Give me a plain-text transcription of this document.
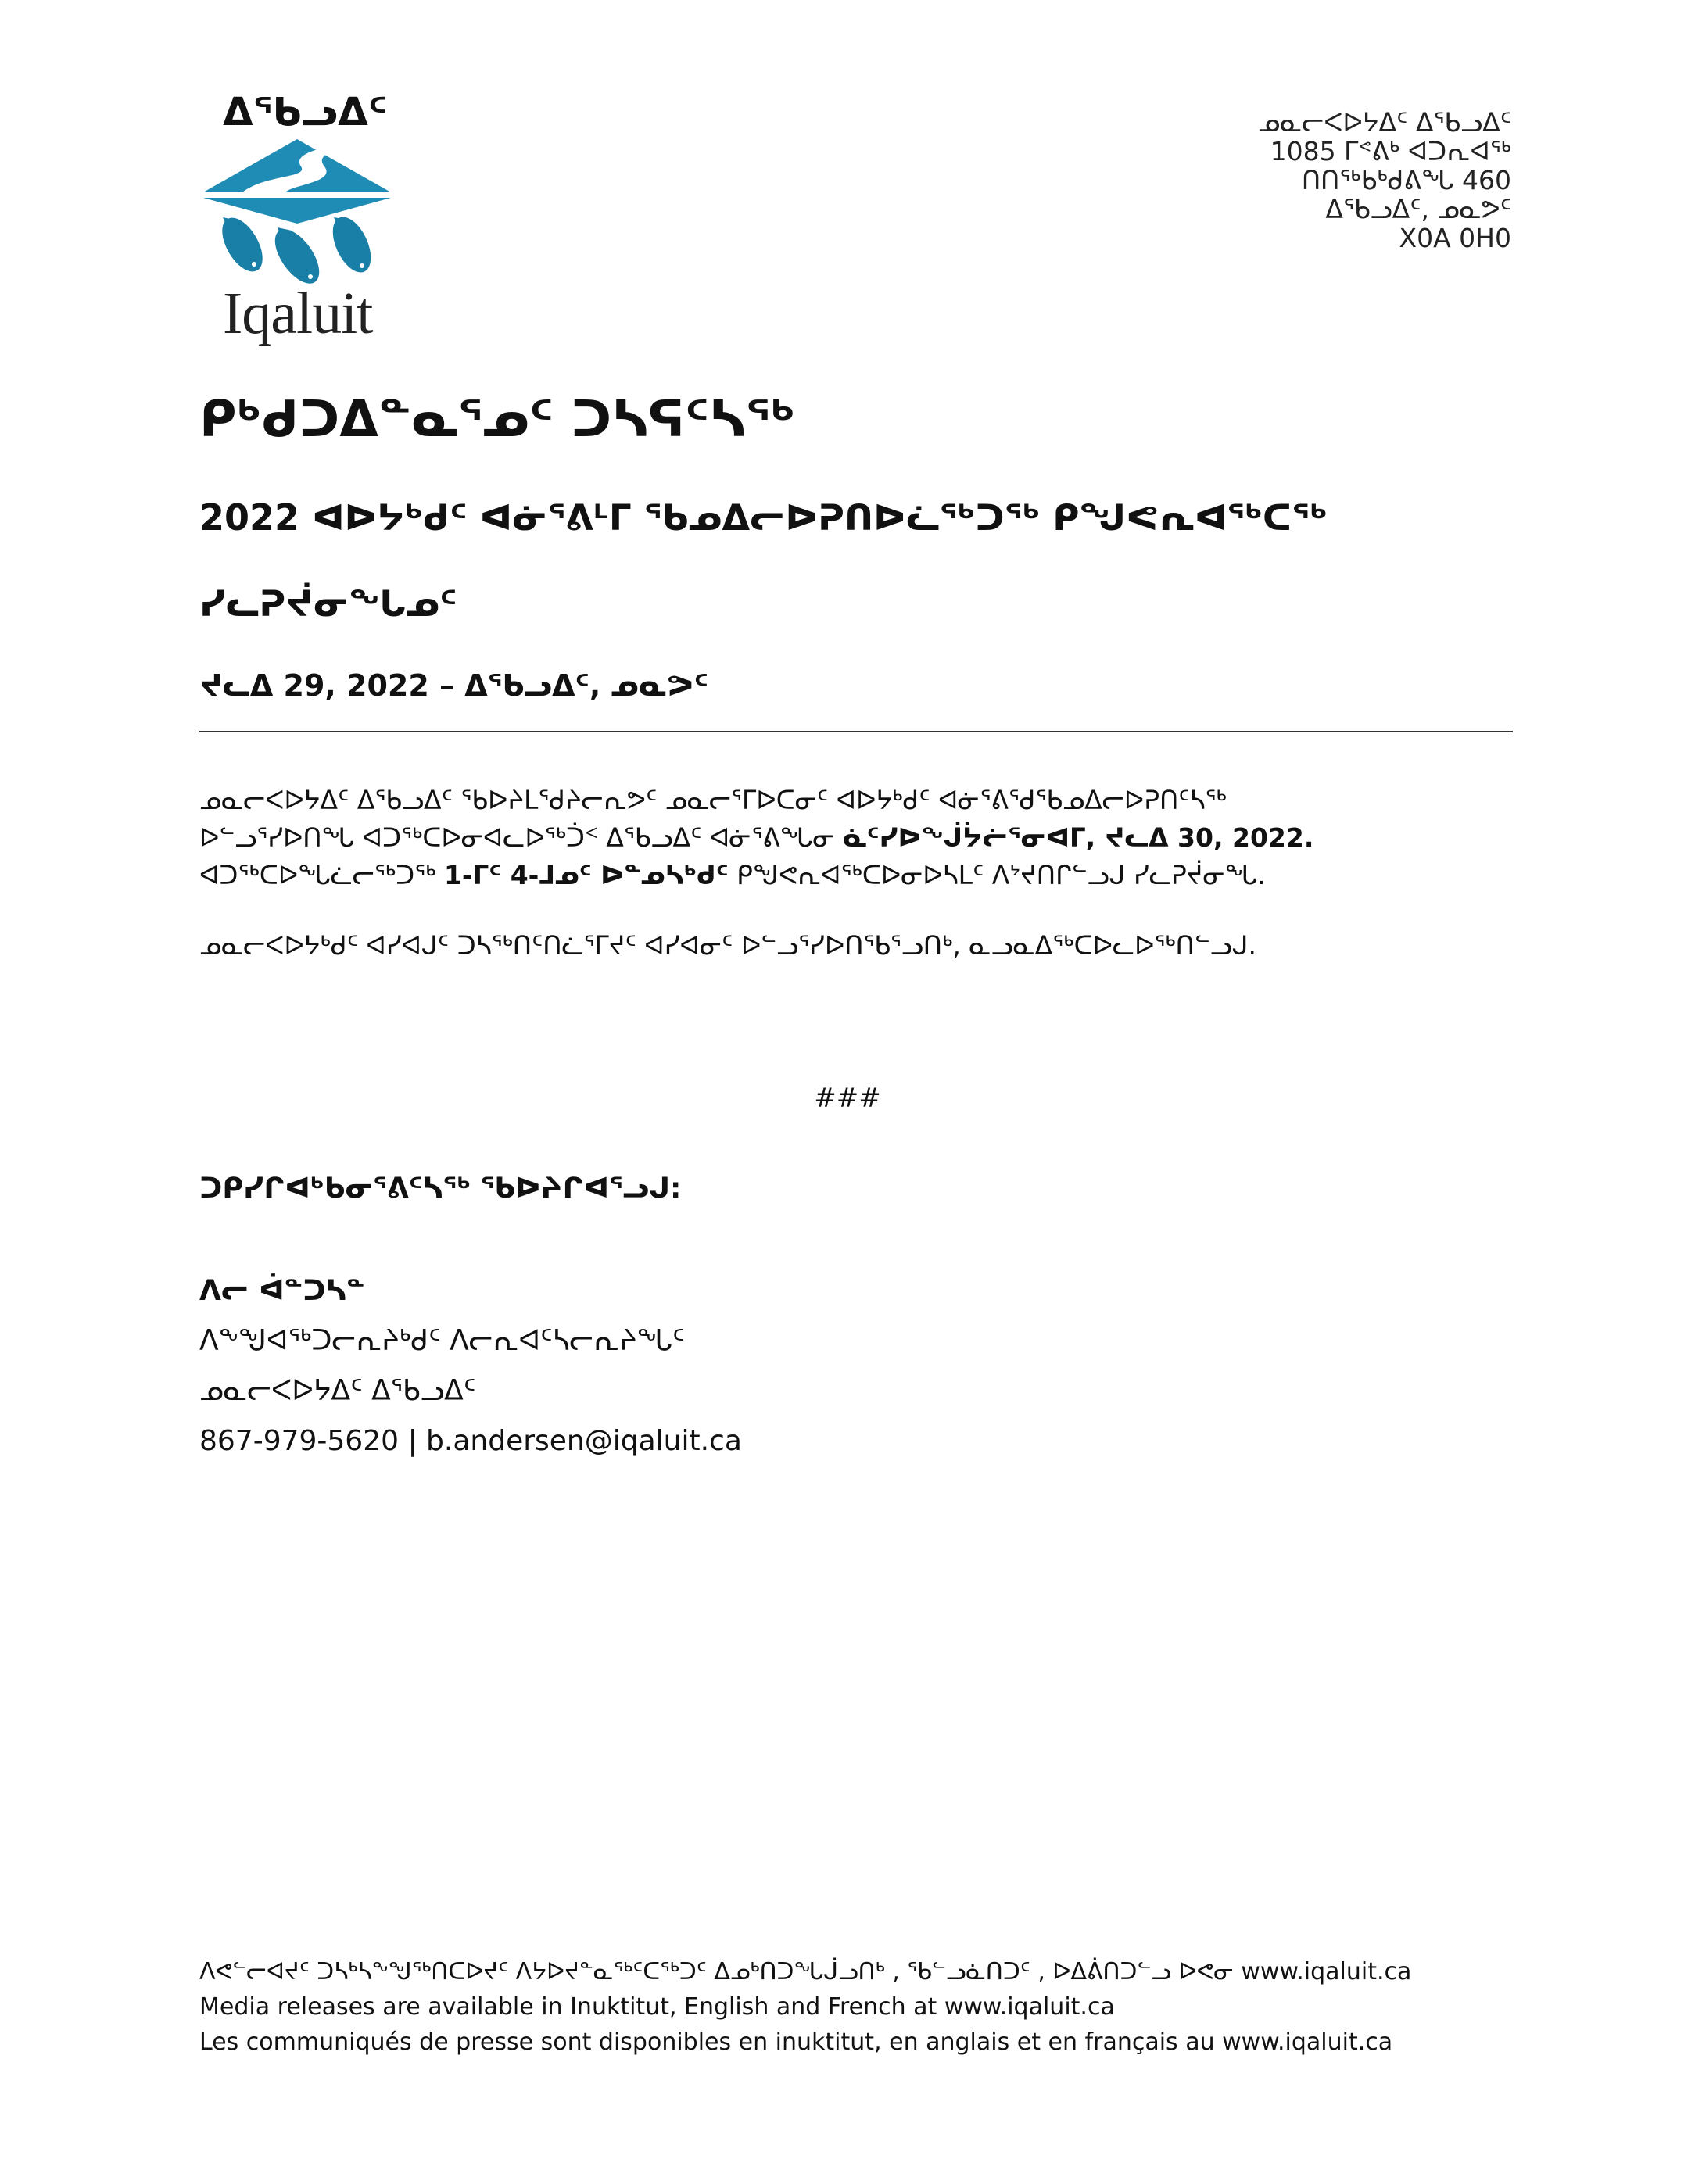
ᐃᖃᓗᐃᑦ
Iqaluit
ᓄᓇᓕᐸᐅᔭᐃᑦ ᐃᖃᓗᐃᑦ
1085 ᒥᕝᕕᒃ ᐊᑐᕆᐊᖅ
ᑎᑎᖅᑲᒃᑯᕕᖓ 460
ᐃᖃᓗᐃᑦ, ᓄᓇᕗᑦ
X0A 0H0
ᑭᒃᑯᑐᐃᓐᓇᕐᓄᑦ ᑐᓴᕋᑦᓴᖅ
2022 ᐊᐅᔭᒃᑯᑦ ᐊᓃᕐᕕᒻᒥ ᖃᓄᐃᓕᐅᕈᑎᐅᓛᖅᑐᖅ ᑭᖑᕙᕆᐊᖅᑕᖅ
ᓯᓚᕈᔫᓂᖓᓄᑦ
ᔪᓚᐃ 29, 2022 – ᐃᖃᓗᐃᑦ, ᓄᓇᕗᑦ

ᓄᓇᓕᐸᐅᔭᐃᑦ ᐃᖃᓗᐃᑦ ᖃᐅᔨᒪᖁᔨᓕᕆᕗᑦ ᓄᓇᓕᕐᒥᐅᑕᓂᑦ ᐊᐅᔭᒃᑯᑦ ᐊᓃᕐᕕᖁᖃᓄᐃᓕᐅᕈᑎᑦᓴᖅ
ᐅᓪᓗᕐᓯᐅᑎᖓ ᐊᑐᖅᑕᐅᓂᐊᓚᐅᖅᑑᑉ ᐃᖃᓗᐃᑦ ᐊᓃᕐᕕᖓᓂ ᓈᑦᓯᐅᖕᒎᔮᓖᕐᓂᐊᒥ, ᔪᓚᐃ 30, 2022.
ᐊᑐᖅᑕᐅᖓᓛᓕᖅᑐᖅ 1-ᒥᑦ 4-ᒧᓄᑦ ᐅᓐᓄᓴᒃᑯᑦ ᑭᖑᕙᕆᐊᖅᑕᐅᓂᐅᓴᒪᑦ ᐱᔾᔪᑎᒋᓪᓗᒍ ᓯᓚᕈᔫᓂᖓ.

ᓄᓇᓕᐸᐅᔭᒃᑯᑦ ᐊᓯᐊᒍᑦ ᑐᓴᖅᑎᑦᑎᓛᕐᒥᔪᑦ ᐊᓯᐊᓂᑦ ᐅᓪᓗᕐᓯᐅᑎᖃᕐᓗᑎᒃ, ᓇᓗᓇᐃᖅᑕᐅᓚᐅᖅᑎᓪᓗᒍ.

###
ᑐᑭᓯᒋᐊᒃᑲᓂᕐᕕᑦᓴᖅ ᖃᐅᔨᒋᐊᕐᓗᒍ:
ᐱᓕ ᐋᓐᑐᓴᓐ
ᐱᖕᖑᐊᖅᑐᓕᕆᔨᒃᑯᑦ ᐱᓕᕆᐊᑦᓴᓕᕆᔨᖓᑦ
ᓄᓇᓕᐸᐅᔭᐃᑦ ᐃᖃᓗᐃᑦ
867-979-5620 | b.andersen@iqaluit.ca
ᐱᕙᓪᓕᐊᔪᑦ ᑐᓴᒃᓴᖕᖑᖅᑎᑕᐅᔪᑦ ᐱᔭᐅᔪᓐᓇᖅᑦᑕᖅᑐᑦ ᐃᓄᒃᑎᑐᖓᒎᓗᑎᒃ , ᖃᓪᓗᓈᑎᑐᑦ , ᐅᐃᕖᑎᑐᓪᓗ ᐅᕙᓂ www.iqaluit.ca
Media releases are available in Inuktitut, English and French at www.iqaluit.ca
Les communiqués de presse sont disponibles en inuktitut, en anglais et en français au www.iqaluit.ca
